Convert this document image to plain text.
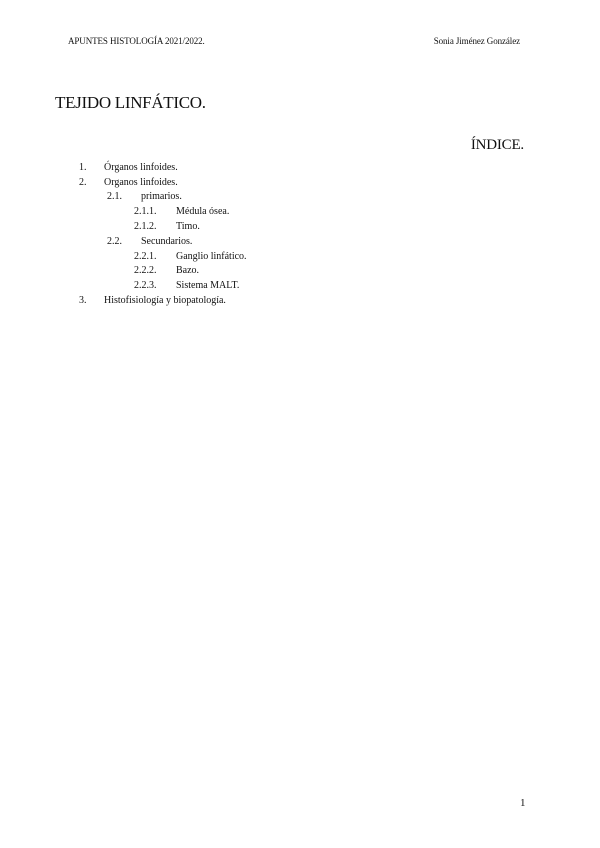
APUNTES HISTOLOGÍA 2021/2022.	Sonia Jiménez González
TEJIDO LINFÁTICO.
ÍNDICE.
1. Órganos linfoides.
2. Organos linfoides.
2.1. primarios.
2.1.1. Médula ósea.
2.1.2. Timo.
2.2. Secundarios.
2.2.1. Ganglio linfático.
2.2.2. Bazo.
2.2.3. Sistema MALT.
3. Histofisiología y biopatología.
1
